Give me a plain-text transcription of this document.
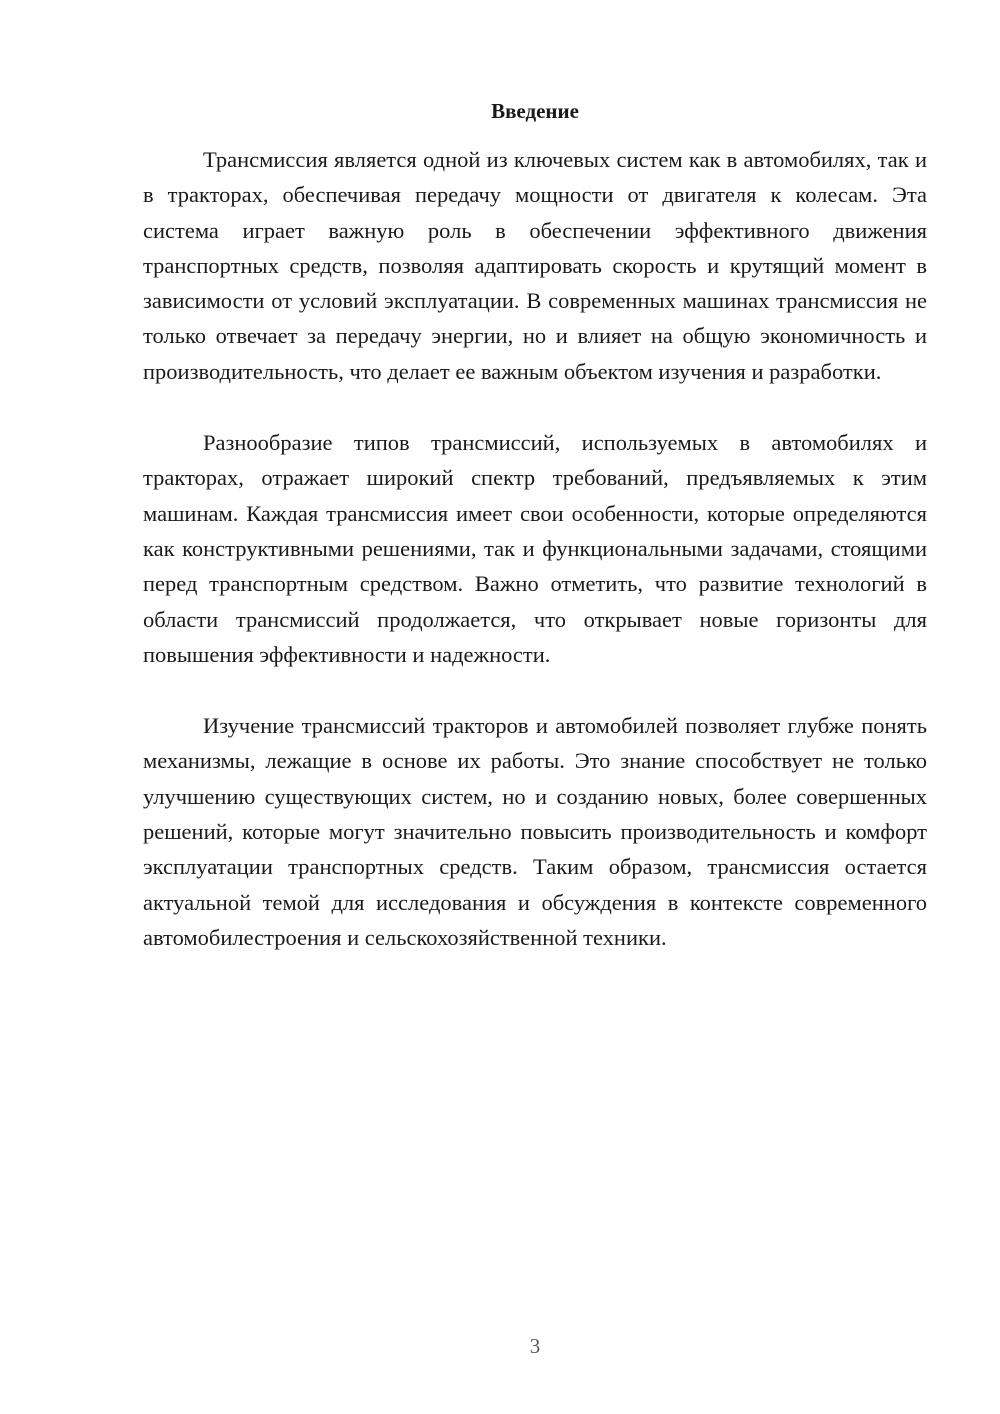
Введение

Трансмиссия является одной из ключевых систем как в автомобилях, так и в тракторах, обеспечивая передачу мощности от двигателя к колесам. Эта система играет важную роль в обеспечении эффективного движения транспортных средств, позволяя адаптировать скорость и крутящий момент в зависимости от условий эксплуатации. В современных машинах трансмиссия не только отвечает за передачу энергии, но и влияет на общую экономичность и производительность, что делает ее важным объектом изучения и разработки.

Разнообразие типов трансмиссий, используемых в автомобилях и тракторах, отражает широкий спектр требований, предъявляемых к этим машинам. Каждая трансмиссия имеет свои особенности, которые определяются как конструктивными решениями, так и функциональными задачами, стоящими перед транспортным средством. Важно отметить, что развитие технологий в области трансмиссий продолжается, что открывает новые горизонты для повышения эффективности и надежности.

Изучение трансмиссий тракторов и автомобилей позволяет глубже понять механизмы, лежащие в основе их работы. Это знание способствует не только улучшению существующих систем, но и созданию новых, более совершенных решений, которые могут значительно повысить производительность и комфорт эксплуатации транспортных средств. Таким образом, трансмиссия остается актуальной темой для исследования и обсуждения в контексте современного автомобилестроения и сельскохозяйственной техники.

3
